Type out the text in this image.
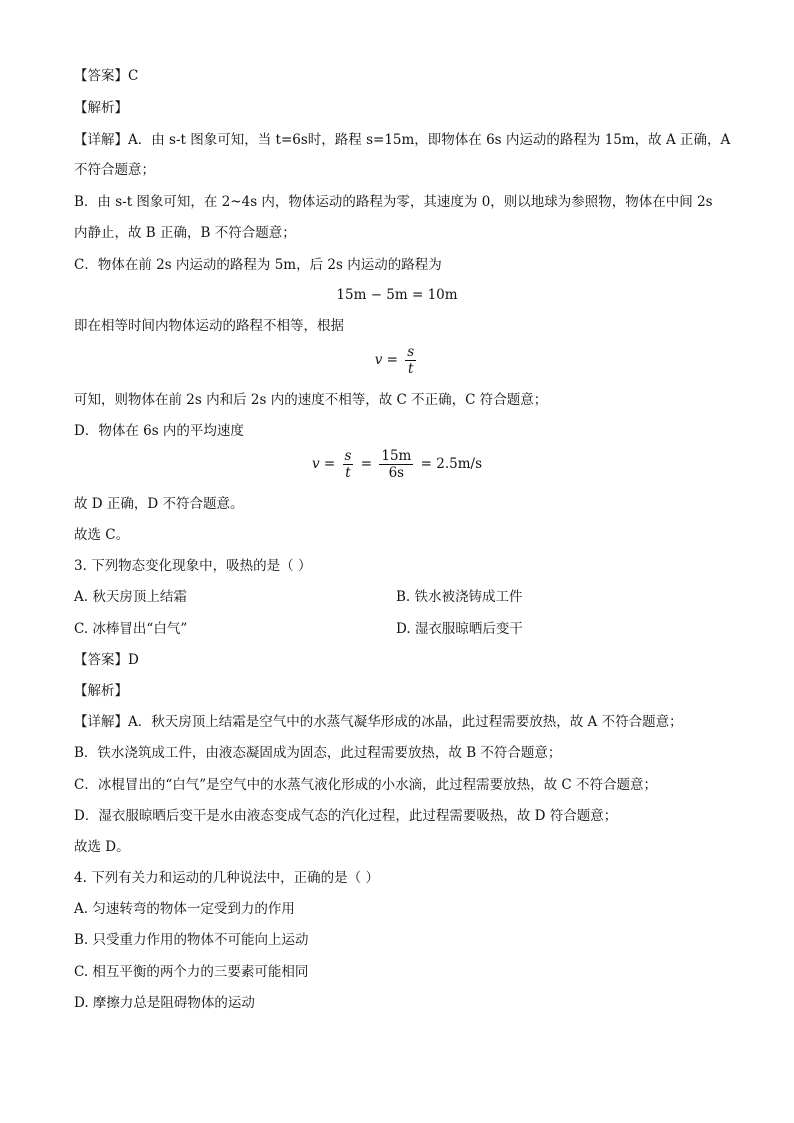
【答案】C
【解析】
【详解】A．由 s-t 图象可知，当 t=6s时，路程 s=15m，即物体在 6s 内运动的路程为 15m，故 A 正确，A
不符合题意；
B．由 s-t 图象可知，在 2~4s 内，物体运动的路程为零，其速度为 0，则以地球为参照物，物体在中间 2s
内静止，故 B 正确，B 不符合题意；
C．物体在前 2s 内运动的路程为 5m，后 2s 内运动的路程为
15m − 5m = 10m
即在相等时间内物体运动的路程不相等，根据
$v = \frac{s}{t}$
可知，则物体在前 2s 内和后 2s 内的速度不相等，故 C 不正确，C 符合题意；
D．物体在 6s 内的平均速度
$v = \frac{s}{t} = \frac{15m}{6s} = 2.5m/s$
故 D 正确，D 不符合题意。
故选 C。
3. 下列物态变化现象中，吸热的是（ ）
A. 秋天房顶上结霜	B. 铁水被浇铸成工件
C. 冰棒冒出“白气”	D. 湿衣服晾晒后变干
【答案】D
【解析】
【详解】A．秋天房顶上结霜是空气中的水蒸气凝华形成的冰晶，此过程需要放热，故 A 不符合题意；
B．铁水浇筑成工件，由液态凝固成为固态，此过程需要放热，故 B 不符合题意；
C．冰棍冒出的“白气”是空气中的水蒸气液化形成的小水滴，此过程需要放热，故 C 不符合题意；
D．湿衣服晾晒后变干是水由液态变成气态的汽化过程，此过程需要吸热，故 D 符合题意；
故选 D。
4. 下列有关力和运动的几种说法中，正确的是（ ）
A. 匀速转弯的物体一定受到力的作用
B. 只受重力作用的物体不可能向上运动
C. 相互平衡的两个力的三要素可能相同
D. 摩擦力总是阻碍物体的运动
